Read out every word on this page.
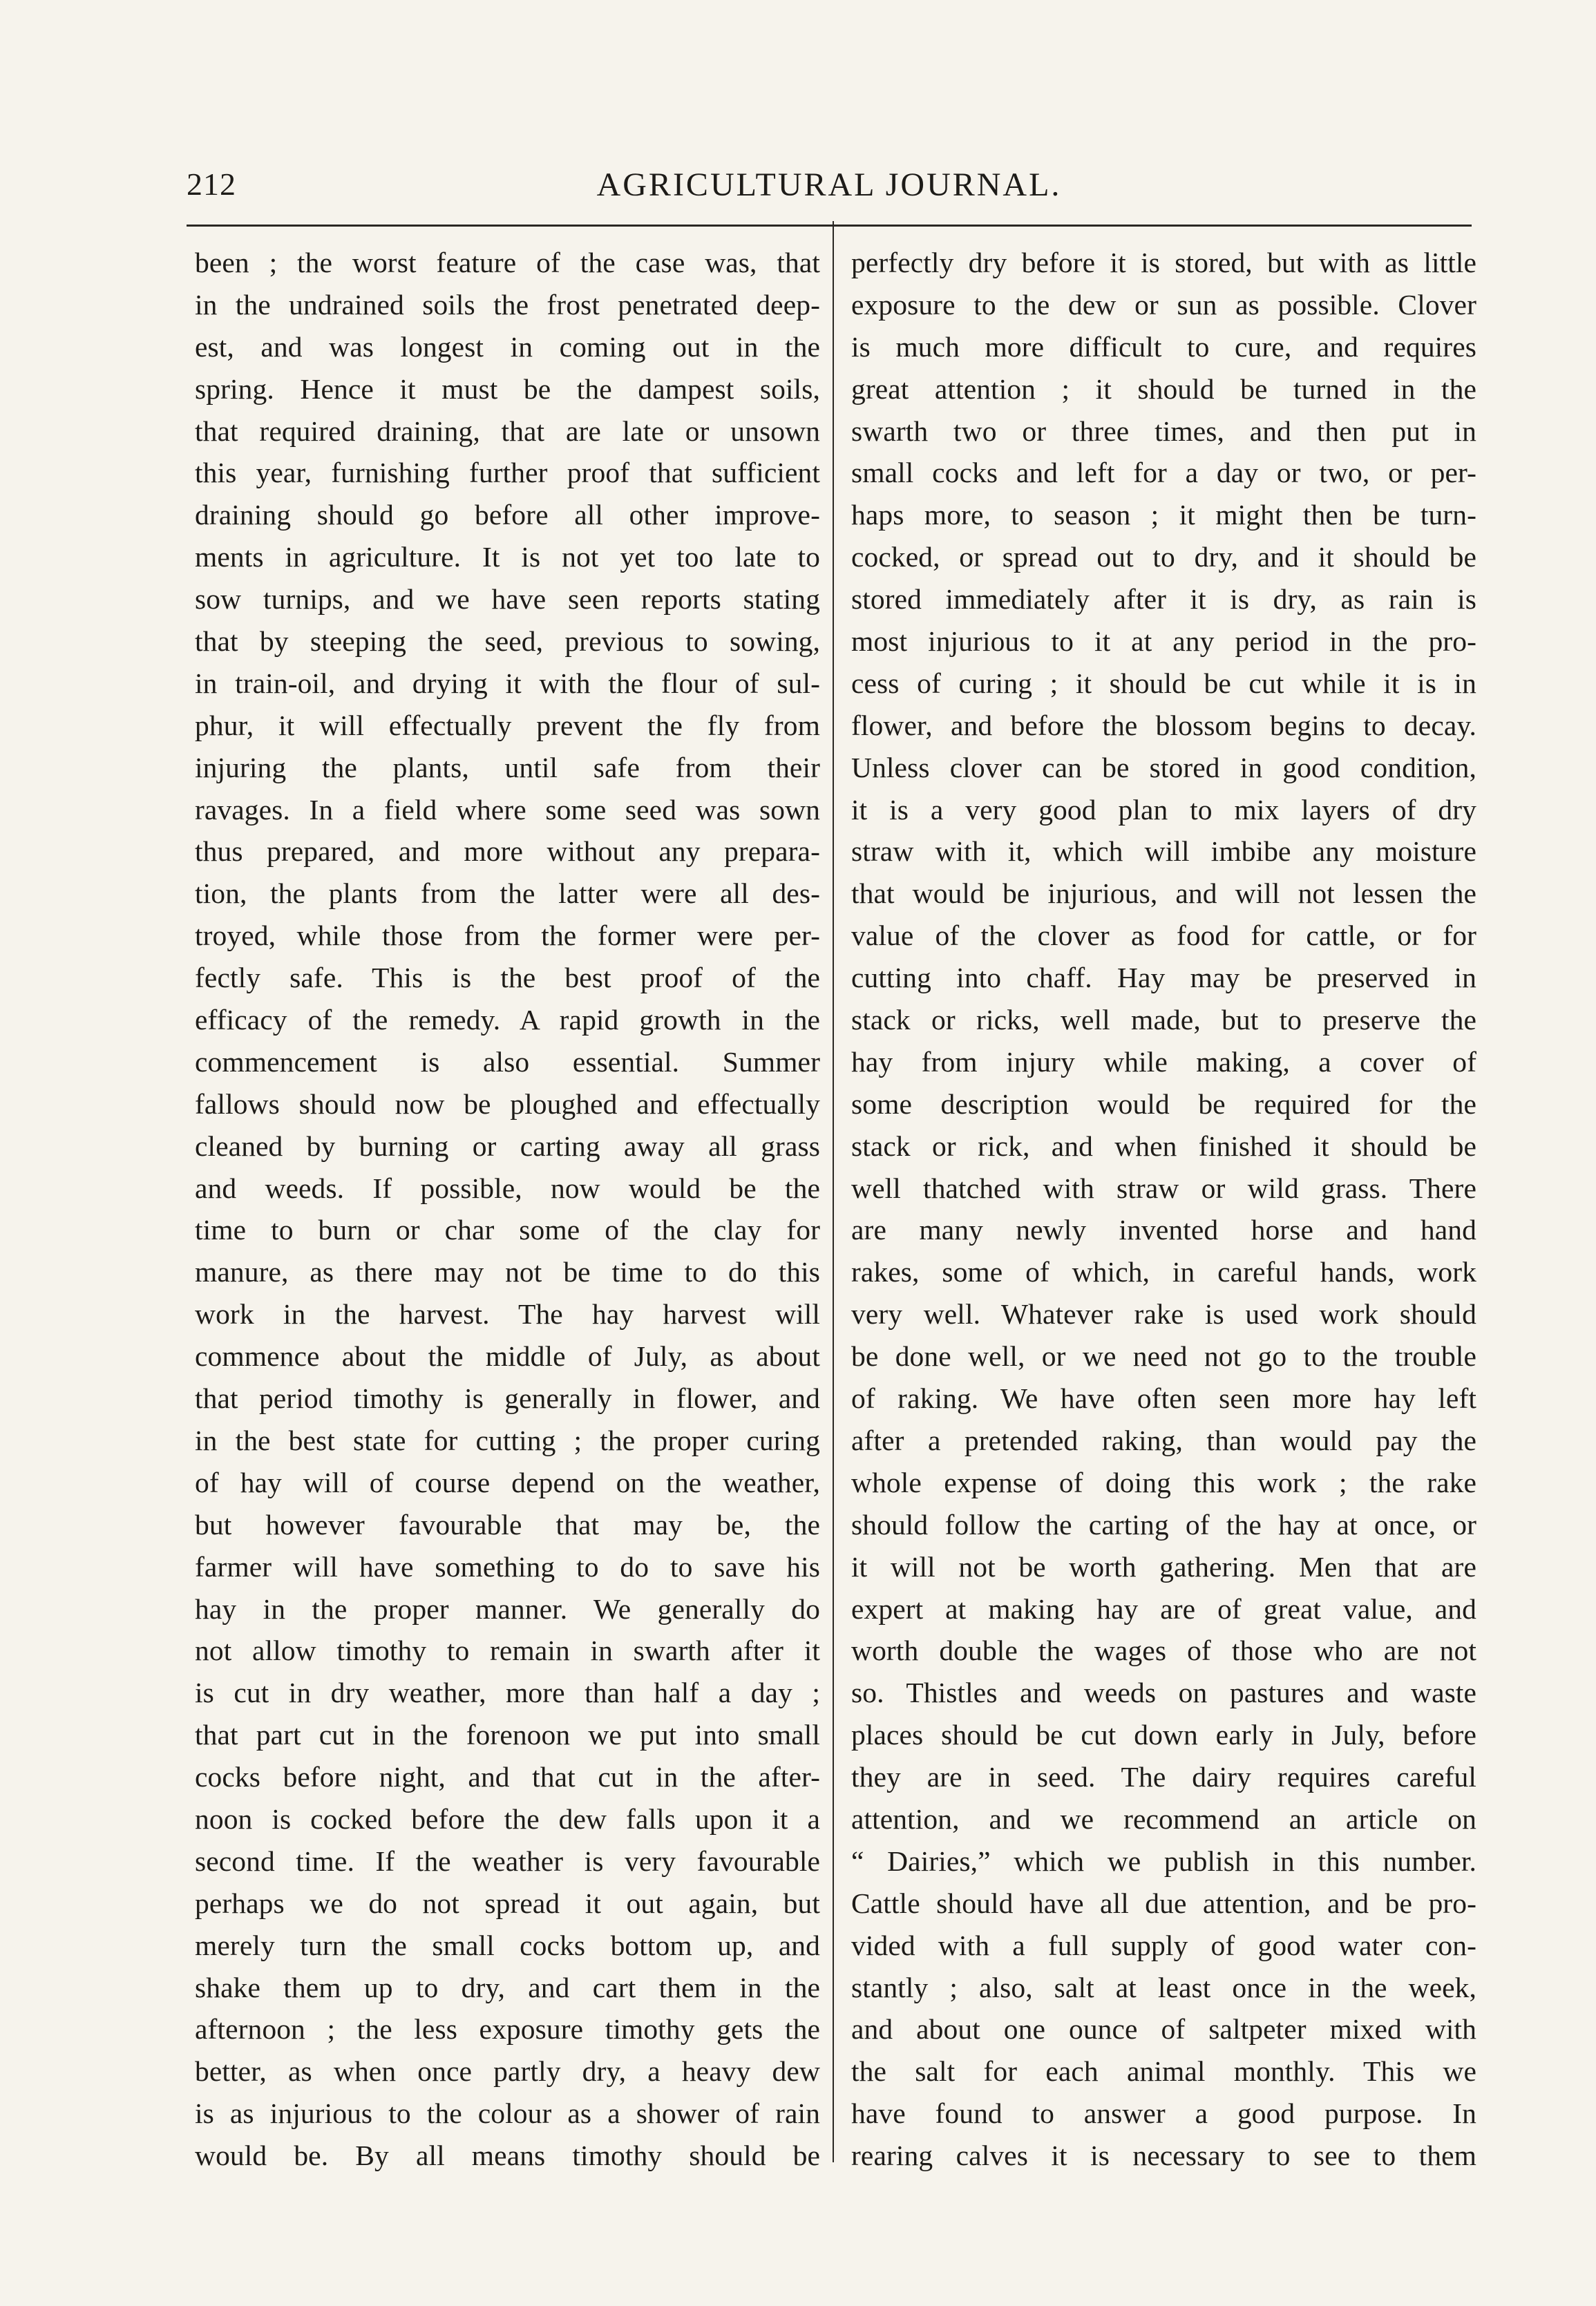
212	AGRICULTURAL JOURNAL.
been ; the worst feature of the case was, that
in the undrained soils the frost penetrated deep-
est, and was longest in coming out in the
spring. Hence it must be the dampest soils,
that required draining, that are late or unsown
this year, furnishing further proof that sufficient
draining should go before all other improve-
ments in agriculture. It is not yet too late to
sow turnips, and we have seen reports stating
that by steeping the seed, previous to sowing,
in train-oil, and drying it with the flour of sul-
phur, it will effectually prevent the fly from
injuring the plants, until safe from their
ravages. In a field where some seed was sown
thus prepared, and more without any prepara-
tion, the plants from the latter were all des-
troyed, while those from the former were per-
fectly safe. This is the best proof of the
efficacy of the remedy. A rapid growth in the
commencement is also essential. Summer
fallows should now be ploughed and effectually
cleaned by burning or carting away all grass
and weeds. If possible, now would be the
time to burn or char some of the clay for
manure, as there may not be time to do this
work in the harvest. The hay harvest will
commence about the middle of July, as about
that period timothy is generally in flower, and
in the best state for cutting ; the proper curing
of hay will of course depend on the weather,
but however favourable that may be, the
farmer will have something to do to save his
hay in the proper manner. We generally do
not allow timothy to remain in swarth after it
is cut in dry weather, more than half a day ;
that part cut in the forenoon we put into small
cocks before night, and that cut in the after-
noon is cocked before the dew falls upon it a
second time. If the weather is very favourable
perhaps we do not spread it out again, but
merely turn the small cocks bottom up, and
shake them up to dry, and cart them in the
afternoon ; the less exposure timothy gets the
better, as when once partly dry, a heavy dew
is as injurious to the colour as a shower of rain
would be. By all means timothy should be
perfectly dry before it is stored, but with as little
exposure to the dew or sun as possible. Clover
is much more difficult to cure, and requires
great attention ; it should be turned in the
swarth two or three times, and then put in
small cocks and left for a day or two, or per-
haps more, to season ; it might then be turn-
cocked, or spread out to dry, and it should be
stored immediately after it is dry, as rain is
most injurious to it at any period in the pro-
cess of curing ; it should be cut while it is in
flower, and before the blossom begins to decay.
Unless clover can be stored in good condition,
it is a very good plan to mix layers of dry
straw with it, which will imbibe any moisture
that would be injurious, and will not lessen the
value of the clover as food for cattle, or for
cutting into chaff. Hay may be preserved in
stack or ricks, well made, but to preserve the
hay from injury while making, a cover of
some description would be required for the
stack or rick, and when finished it should be
well thatched with straw or wild grass. There
are many newly invented horse and hand
rakes, some of which, in careful hands, work
very well. Whatever rake is used work should
be done well, or we need not go to the trouble
of raking. We have often seen more hay left
after a pretended raking, than would pay the
whole expense of doing this work ; the rake
should follow the carting of the hay at once, or
it will not be worth gathering. Men that are
expert at making hay are of great value, and
worth double the wages of those who are not
so. Thistles and weeds on pastures and waste
places should be cut down early in July, before
they are in seed. The dairy requires careful
attention, and we recommend an article on
“ Dairies,” which we publish in this number.
Cattle should have all due attention, and be pro-
vided with a full supply of good water con-
stantly ; also, salt at least once in the week,
and about one ounce of saltpeter mixed with
the salt for each animal monthly. This we
have found to answer a good purpose. In
rearing calves it is necessary to see to them
